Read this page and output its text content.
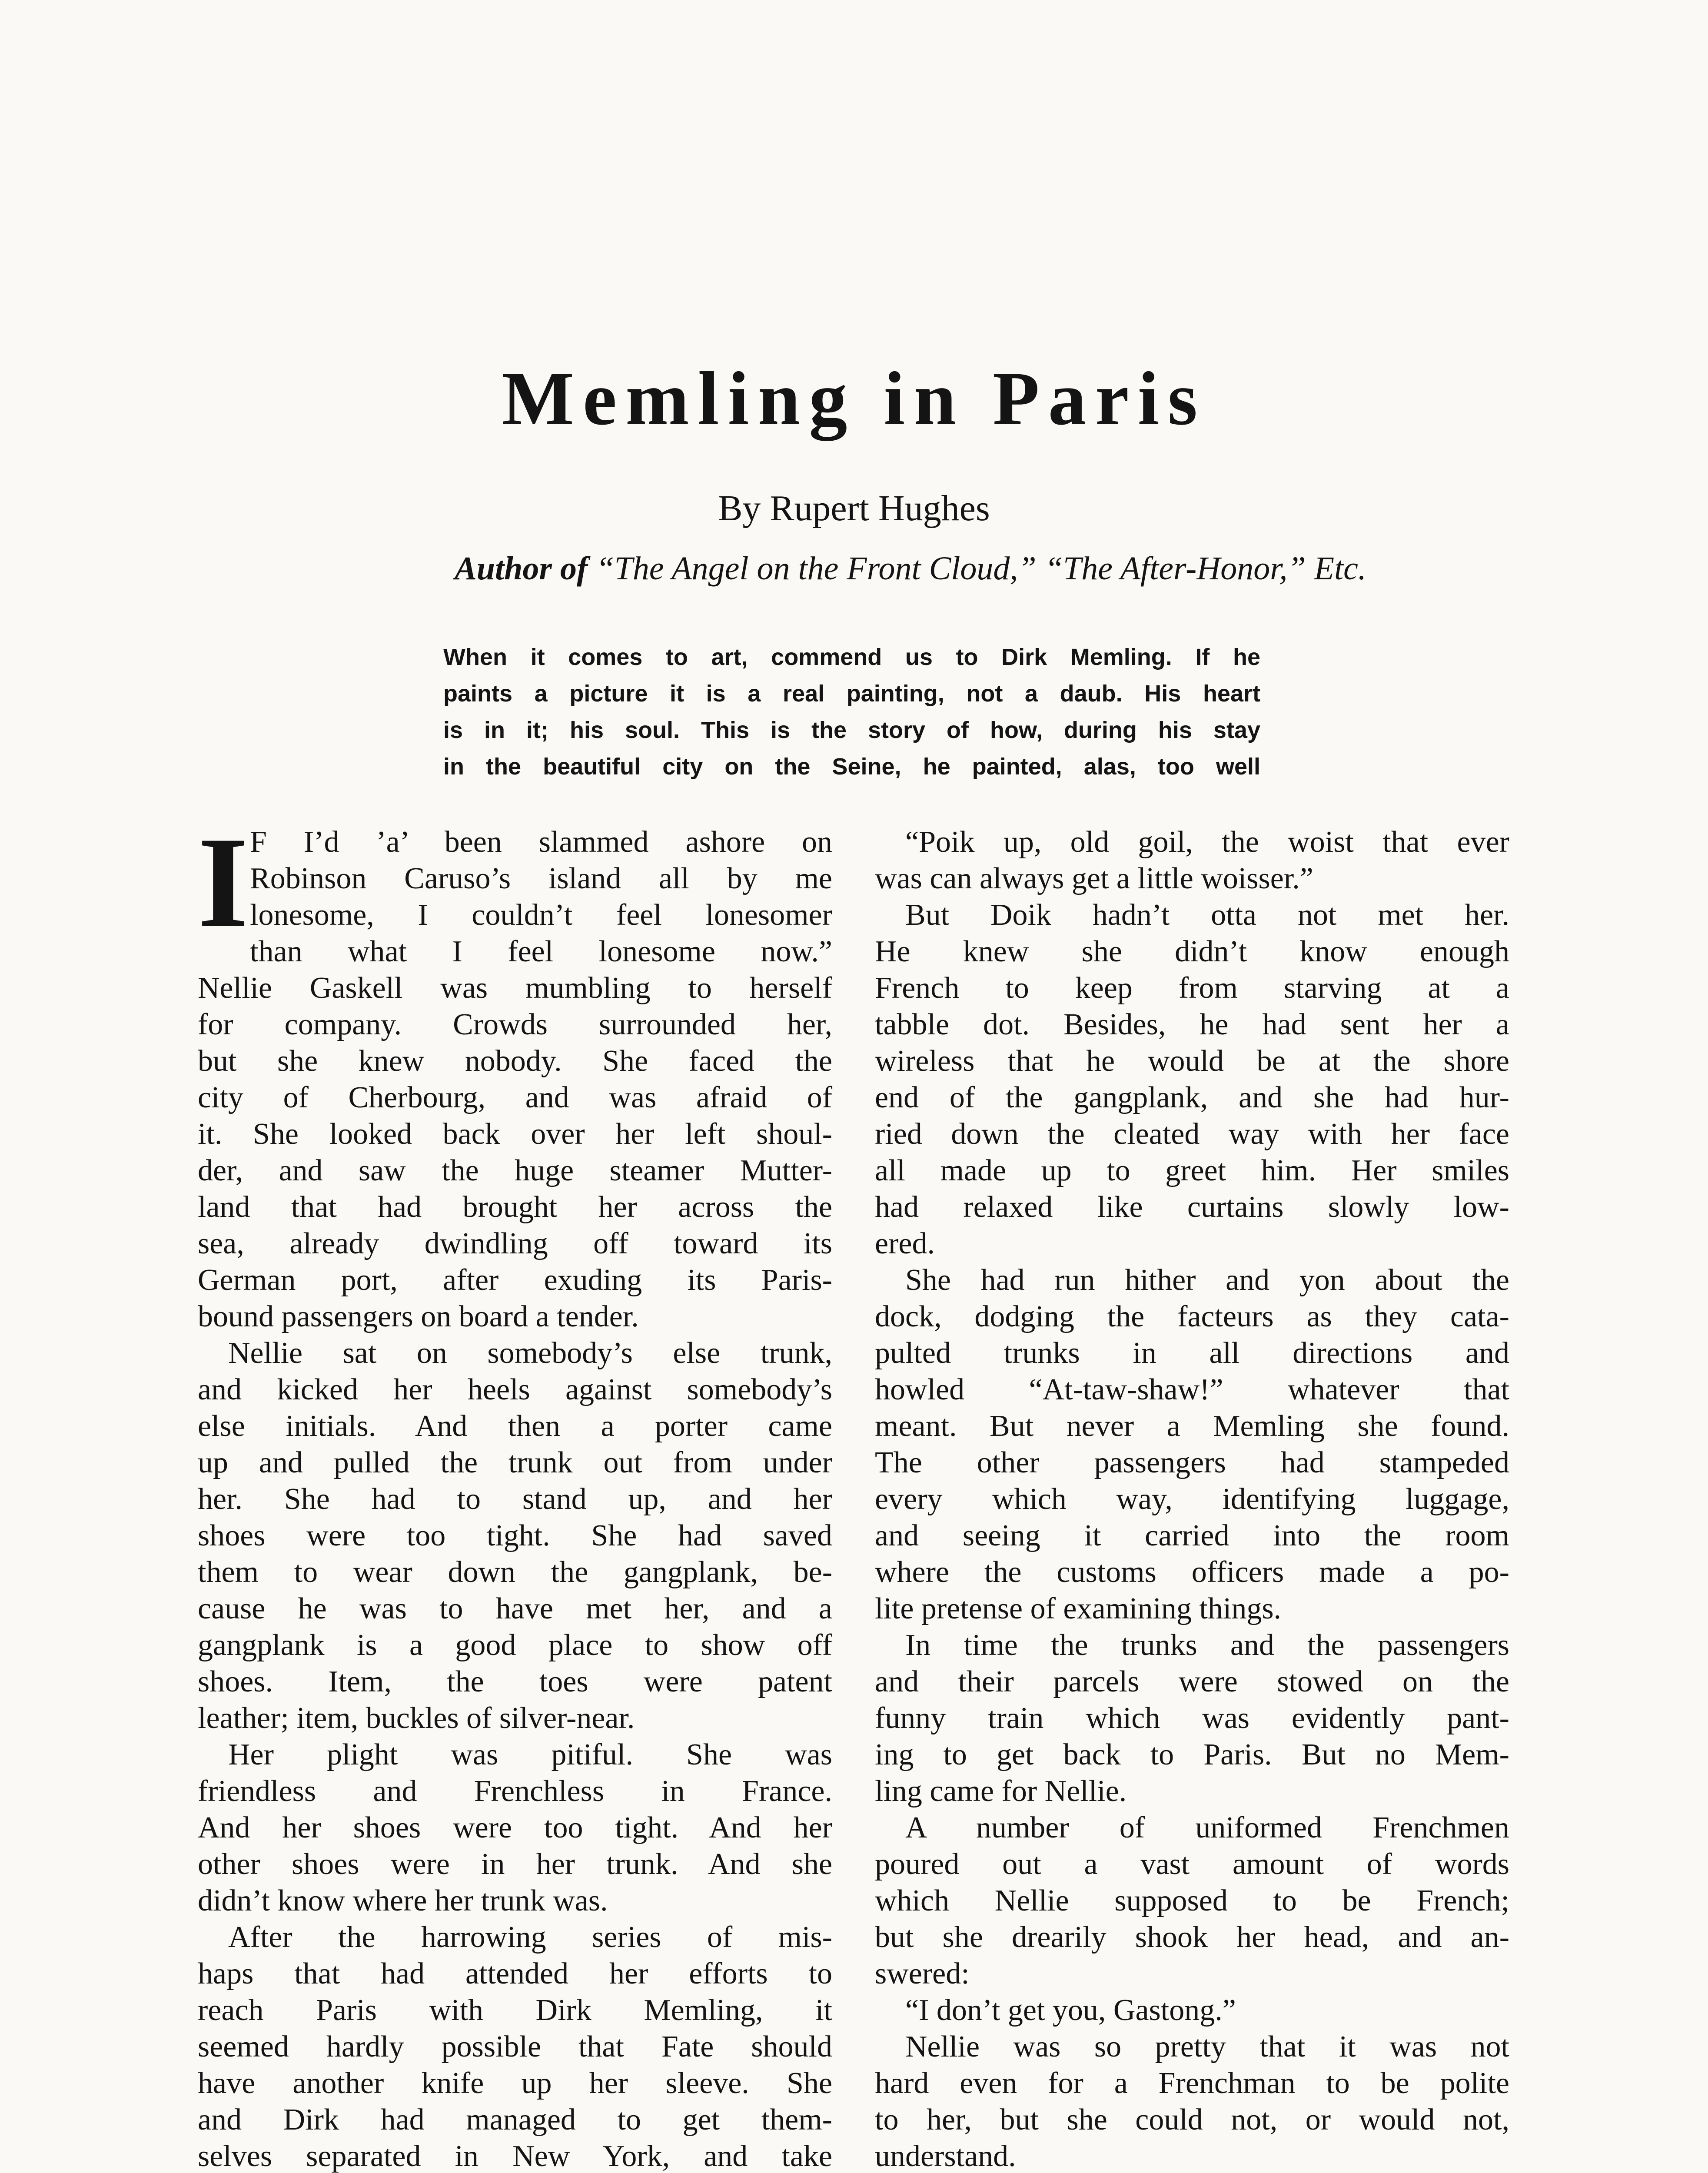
Memling in Paris
By Rupert Hughes
Author of “The Angel on the Front Cloud,” “The After-Honor,” Etc.
When it comes to art, commend us to Dirk Memling. If he
paints a picture it is a real painting, not a daub. His heart
is in it; his soul. This is the story of how, during his stay
in the beautiful city on the Seine, he painted, alas, too well
I F I’d ’a’ been slammed ashore on
Robinson Caruso’s island all by me
lonesome, I couldn’t feel lonesomer
than what I feel lonesome now.”
Nellie Gaskell was mumbling to herself
for company. Crowds surrounded her,
but she knew nobody. She faced the
city of Cherbourg, and was afraid of
it. She looked back over her left shoul-
der, and saw the huge steamer Mutter-
land that had brought her across the
sea, already dwindling off toward its
German port, after exuding its Paris-
bound passengers on board a tender.
Nellie sat on somebody’s else trunk,
and kicked her heels against somebody’s
else initials. And then a porter came
up and pulled the trunk out from under
her. She had to stand up, and her
shoes were too tight. She had saved
them to wear down the gangplank, be-
cause he was to have met her, and a
gangplank is a good place to show off
shoes. Item, the toes were patent
leather; item, buckles of silver-near.
Her plight was pitiful. She was
friendless and Frenchless in France.
And her shoes were too tight. And her
other shoes were in her trunk. And she
didn’t know where her trunk was.
After the harrowing series of mis-
haps that had attended her efforts to
reach Paris with Dirk Memling, it
seemed hardly possible that Fate should
have another knife up her sleeve. She
and Dirk had managed to get them-
selves separated in New York, and take
“Poik up, old goil, the woist that ever
was can always get a little woisser.”
But Doik hadn’t otta not met her.
He knew she didn’t know enough
French to keep from starving at a
tabble dot. Besides, he had sent her a
wireless that he would be at the shore
end of the gangplank, and she had hur-
ried down the cleated way with her face
all made up to greet him. Her smiles
had relaxed like curtains slowly low-
ered.
She had run hither and yon about the
dock, dodging the facteurs as they cata-
pulted trunks in all directions and
howled “At-taw-shaw!” whatever that
meant. But never a Memling she found.
The other passengers had stampeded
every which way, identifying luggage,
and seeing it carried into the room
where the customs officers made a po-
lite pretense of examining things.
In time the trunks and the passengers
and their parcels were stowed on the
funny train which was evidently pant-
ing to get back to Paris. But no Mem-
ling came for Nellie.
A number of uniformed Frenchmen
poured out a vast amount of words
which Nellie supposed to be French;
but she drearily shook her head, and an-
swered:
“I don’t get you, Gastong.”
Nellie was so pretty that it was not
hard even for a Frenchman to be polite
to her, but she could not, or would not,
understand.
